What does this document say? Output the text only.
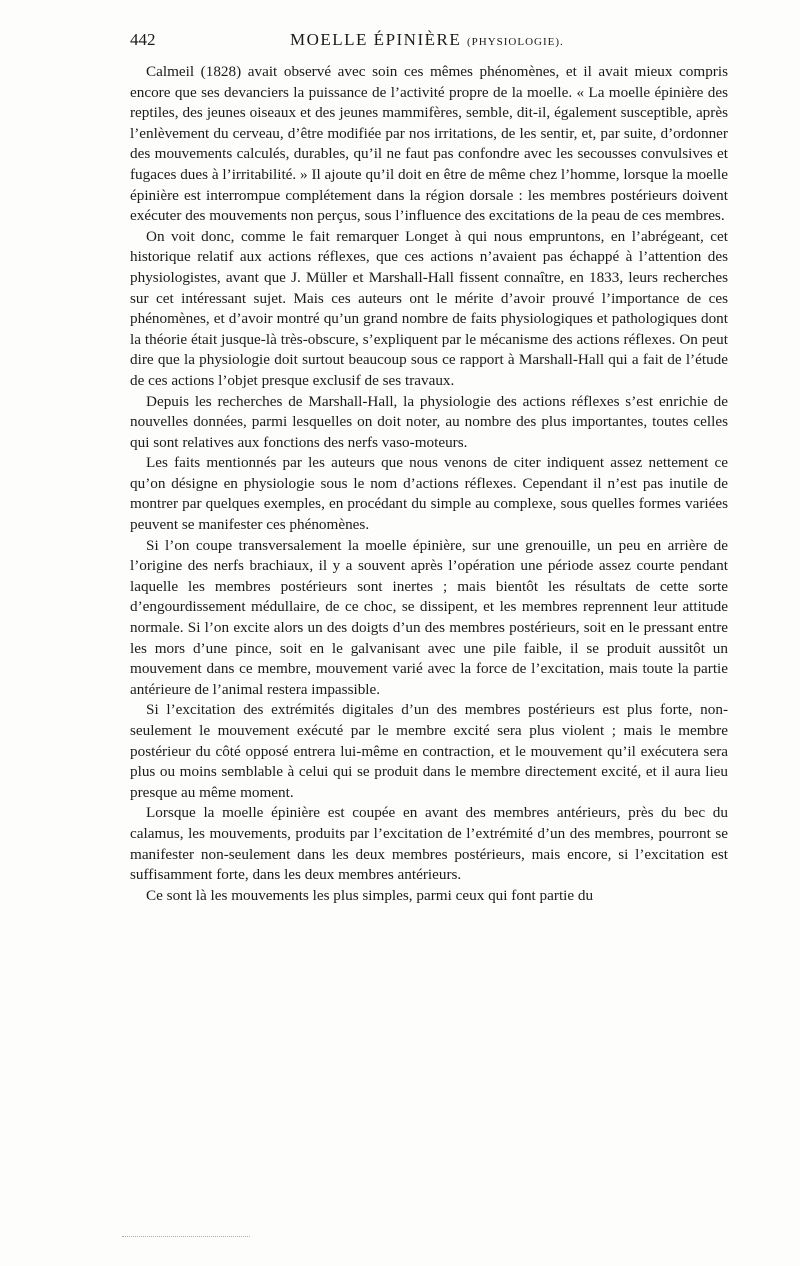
442	MOELLE ÉPINIÈRE (PHYSIOLOGIE).

Calmeil (1828) avait observé avec soin ces mêmes phénomènes, et il avait mieux compris encore que ses devanciers la puissance de l’activité propre de la moelle. « La moelle épinière des reptiles, des jeunes oiseaux et des jeunes mammifères, semble, dit-il, également susceptible, après l’enlèvement du cerveau, d’être modifiée par nos irritations, de les sentir, et, par suite, d’ordonner des mouvements calculés, durables, qu’il ne faut pas confondre avec les secousses convulsives et fugaces dues à l’irritabilité. » Il ajoute qu’il doit en être de même chez l’homme, lorsque la moelle épinière est interrompue complétement dans la région dorsale : les membres postérieurs doivent exécuter des mouvements non perçus, sous l’influence des excitations de la peau de ces membres.

On voit donc, comme le fait remarquer Longet à qui nous empruntons, en l’abrégeant, cet historique relatif aux actions réflexes, que ces actions n’avaient pas échappé à l’attention des physiologistes, avant que J. Müller et Marshall-Hall fissent connaître, en 1833, leurs recherches sur cet intéressant sujet. Mais ces auteurs ont le mérite d’avoir prouvé l’importance de ces phénomènes, et d’avoir montré qu’un grand nombre de faits physiologiques et pathologiques dont la théorie était jusque-là très-obscure, s’expliquent par le mécanisme des actions réflexes. On peut dire que la physiologie doit surtout beaucoup sous ce rapport à Marshall-Hall qui a fait de l’étude de ces actions l’objet presque exclusif de ses travaux.

Depuis les recherches de Marshall-Hall, la physiologie des actions réflexes s’est enrichie de nouvelles données, parmi lesquelles on doit noter, au nombre des plus importantes, toutes celles qui sont relatives aux fonctions des nerfs vaso-moteurs.

Les faits mentionnés par les auteurs que nous venons de citer indiquent assez nettement ce qu’on désigne en physiologie sous le nom d’actions réflexes. Cependant il n’est pas inutile de montrer par quelques exemples, en procédant du simple au complexe, sous quelles formes variées peuvent se manifester ces phénomènes.

Si l’on coupe transversalement la moelle épinière, sur une grenouille, un peu en arrière de l’origine des nerfs brachiaux, il y a souvent après l’opération une période assez courte pendant laquelle les membres postérieurs sont inertes ; mais bientôt les résultats de cette sorte d’engourdissement médullaire, de ce choc, se dissipent, et les membres reprennent leur attitude normale. Si l’on excite alors un des doigts d’un des membres postérieurs, soit en le pressant entre les mors d’une pince, soit en le galvanisant avec une pile faible, il se produit aussitôt un mouvement dans ce membre, mouvement varié avec la force de l’excitation, mais toute la partie antérieure de l’animal restera impassible.

Si l’excitation des extrémités digitales d’un des membres postérieurs est plus forte, non-seulement le mouvement exécuté par le membre excité sera plus violent ; mais le membre postérieur du côté opposé entrera lui-même en contraction, et le mouvement qu’il exécutera sera plus ou moins semblable à celui qui se produit dans le membre directement excité, et il aura lieu presque au même moment.

Lorsque la moelle épinière est coupée en avant des membres antérieurs, près du bec du calamus, les mouvements, produits par l’excitation de l’extrémité d’un des membres, pourront se manifester non-seulement dans les deux membres postérieurs, mais encore, si l’excitation est suffisamment forte, dans les deux membres antérieurs.

Ce sont là les mouvements les plus simples, parmi ceux qui font partie du
